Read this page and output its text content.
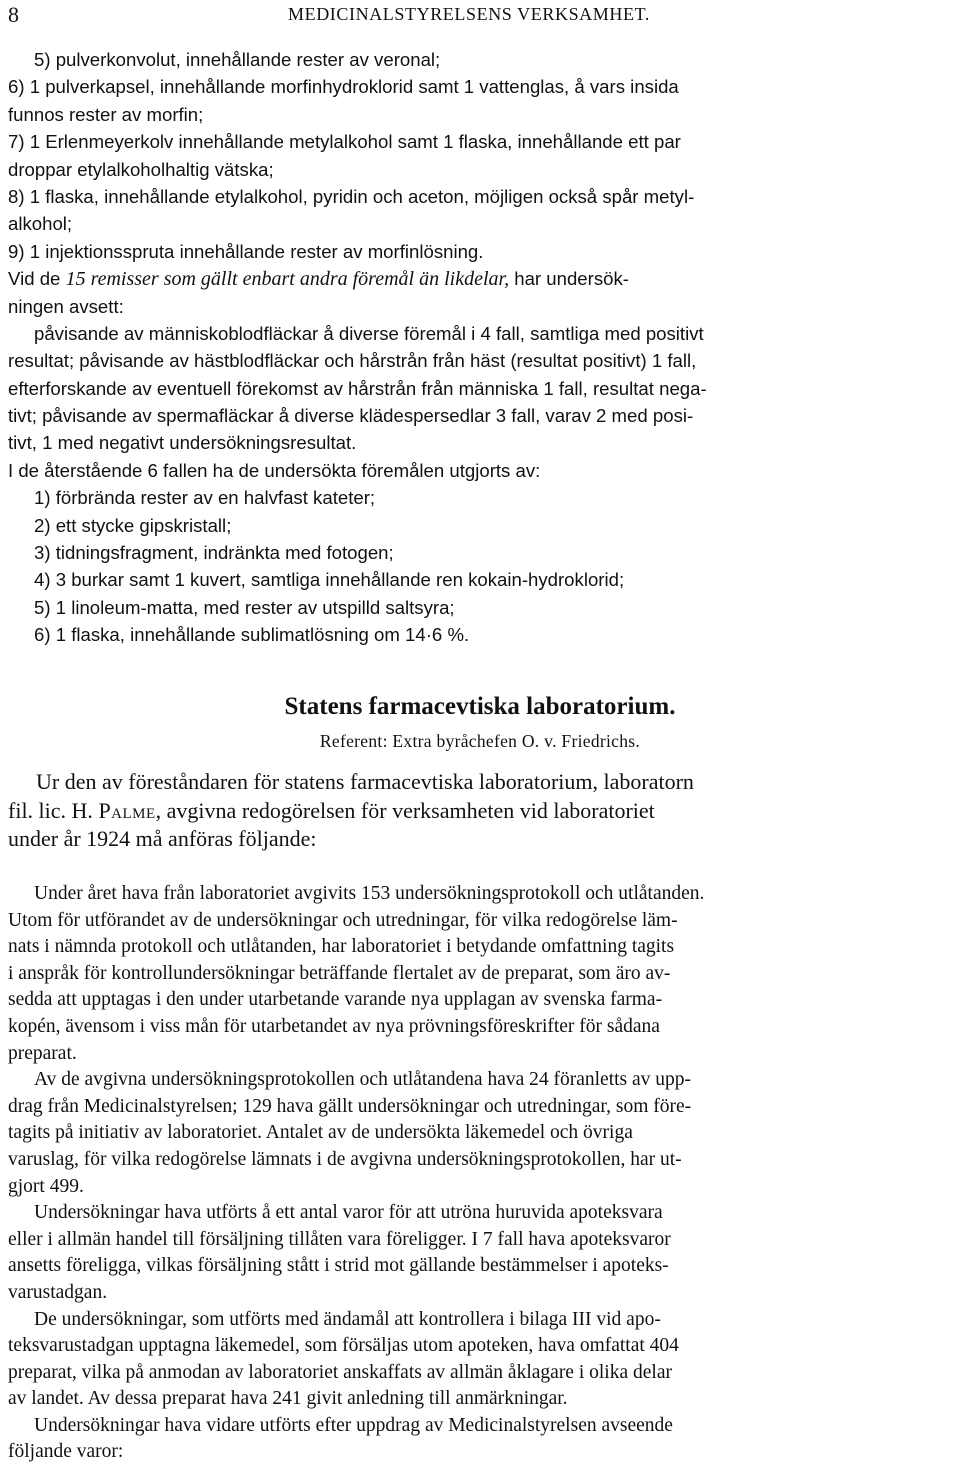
8	MEDICINALSTYRELSENS VERKSAMHET.
5) pulverkonvolut, innehållande rester av veronal;
6) 1 pulverkapsel, innehållande morfinhydroklorid samt 1 vattenglas, å vars insida
funnos rester av morfin;
7) 1 Erlenmeyerkolv innehållande metylalkohol samt 1 flaska, innehållande ett par
droppar etylalkoholhaltig vätska;
8) 1 flaska, innehållande etylalkohol, pyridin och aceton, möjligen också spår metyl-
alkohol;
9) 1 injektionsspruta innehållande rester av morfinlösning.
Vid de 15 remisser som gällt enbart andra föremål än likdelar, har undersök-
ningen avsett:
påvisande av människoblodfläckar å diverse föremål i 4 fall, samtliga med positivt
resultat; påvisande av hästblodfläckar och hårstrån från häst (resultat positivt) 1 fall,
efterforskande av eventuell förekomst av hårstrån från människa 1 fall, resultat nega-
tivt; påvisande av spermafläckar å diverse klädespersedlar 3 fall, varav 2 med posi-
tivt, 1 med negativt undersökningsresultat.
I de återstående 6 fallen ha de undersökta föremålen utgjorts av:
1) förbrända rester av en halvfast kateter;
2) ett stycke gipskristall;
3) tidningsfragment, indränkta med fotogen;
4) 3 burkar samt 1 kuvert, samtliga innehållande ren kokain-hydroklorid;
5) 1 linoleum-matta, med rester av utspilld saltsyra;
6) 1 flaska, innehållande sublimatlösning om 14·6 %.
Statens farmacevtiska laboratorium.
Referent: Extra byråchefen O. v. Friedrichs.
Ur den av föreståndaren för statens farmacevtiska laboratorium, laboratorn
fil. lic. H. Palme, avgivna redogörelsen för verksamheten vid laboratoriet
under år 1924 må anföras följande:
Under året hava från laboratoriet avgivits 153 undersökningsprotokoll och utlåtanden.
Utom för utförandet av de undersökningar och utredningar, för vilka redogörelse läm-
nats i nämnda protokoll och utlåtanden, har laboratoriet i betydande omfattning tagits
i anspråk för kontrollundersökningar beträffande flertalet av de preparat, som äro av-
sedda att upptagas i den under utarbetande varande nya upplagan av svenska farma-
kopén, ävensom i viss mån för utarbetandet av nya prövningsföreskrifter för sådana
preparat.
Av de avgivna undersökningsprotokollen och utlåtandena hava 24 föranletts av upp-
drag från Medicinalstyrelsen; 129 hava gällt undersökningar och utredningar, som före-
tagits på initiativ av laboratoriet. Antalet av de undersökta läkemedel och övriga
varuslag, för vilka redogörelse lämnats i de avgivna undersökningsprotokollen, har ut-
gjort 499.
Undersökningar hava utförts å ett antal varor för att utröna huruvida apoteksvara
eller i allmän handel till försäljning tillåten vara föreligger. I 7 fall hava apoteksvaror
ansetts föreligga, vilkas försäljning stått i strid mot gällande bestämmelser i apoteks-
varustadgan.
De undersökningar, som utförts med ändamål att kontrollera i bilaga III vid apo-
teksvarustadgan upptagna läkemedel, som försäljas utom apoteken, hava omfattat 404
preparat, vilka på anmodan av laboratoriet anskaffats av allmän åklagare i olika delar
av landet. Av dessa preparat hava 241 givit anledning till anmärkningar.
Undersökningar hava vidare utförts efter uppdrag av Medicinalstyrelsen avseende
följande varor:
